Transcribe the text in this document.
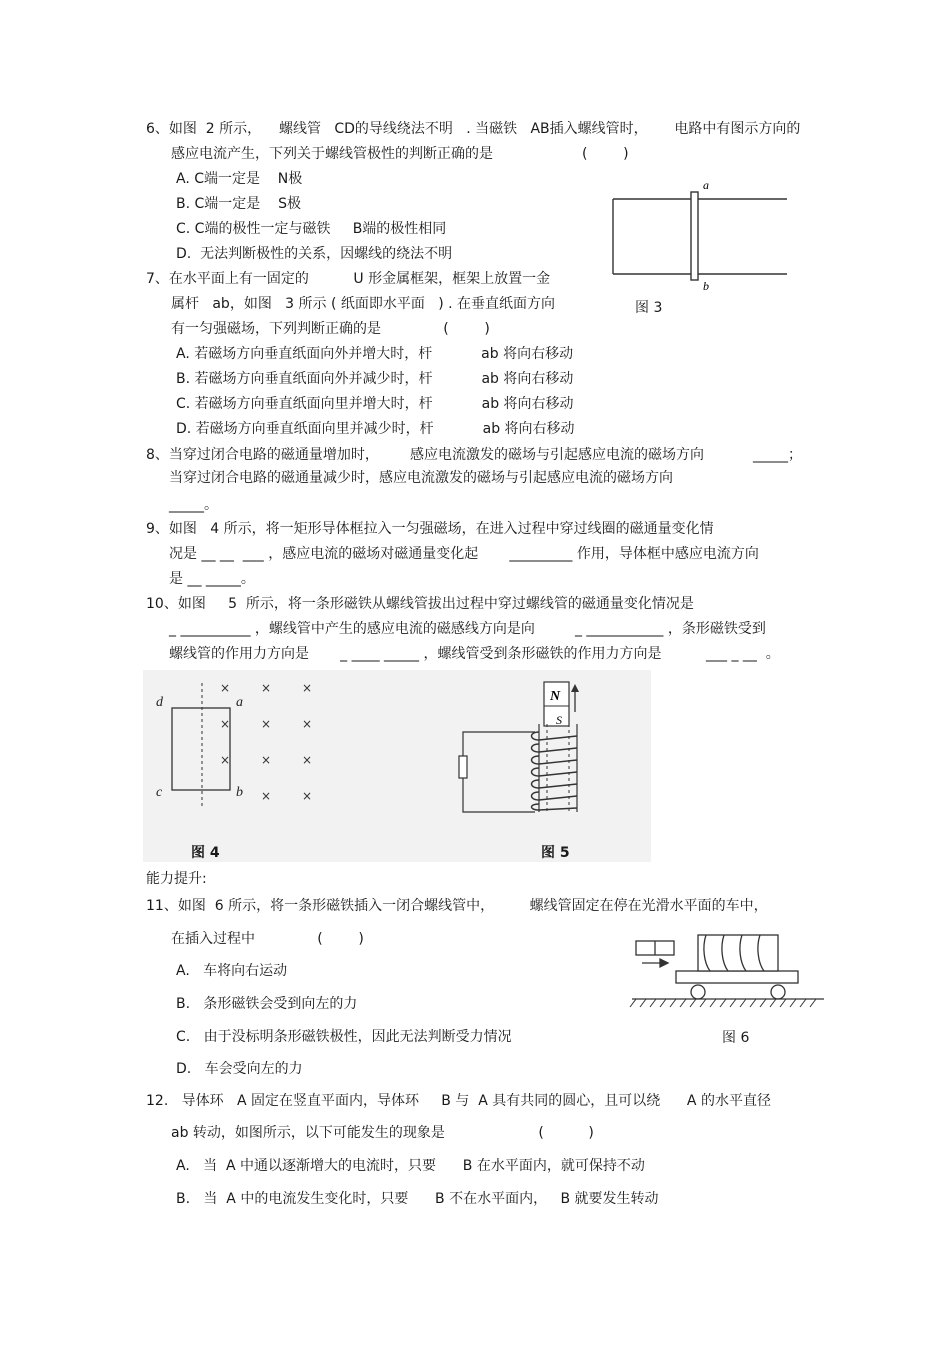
6、如图  2 所示，    螺线管   CD的导线绕法不明   . 当磁铁   AB插入螺线管时，      电路中有图示方向的
感应电流产生，下列关于螺线管极性的判断正确的是                    (        )
A. C端一定是    N极
B. C端一定是    S极
C. C端的极性一定与磁铁     B端的极性相同
D.  无法判断极性的关系，因螺线的绕法不明
7、在水平面上有一固定的          U 形金属框架，框架上放置一金
属杆   ab，如图   3 所示 ( 纸面即水平面   ) . 在垂直纸面方向
有一匀强磁场，下列判断正确的是              (        )
A. 若磁场方向垂直纸面向外并增大时，杆           ab 将向右移动
B. 若磁场方向垂直纸面向外并减少时，杆           ab 将向右移动
C. 若磁场方向垂直纸面向里并增大时，杆           ab 将向右移动
D. 若磁场方向垂直纸面向里并减少时，杆           ab 将向右移动
a
b
图 3
8、当穿过闭合电路的磁通量增加时，       感应电流激发的磁场与引起感应电流的磁场方向           _____；
当穿过闭合电路的磁通量减少时，感应电流激发的磁场与引起感应电流的磁场方向
_____。
9、如图   4 所示，将一矩形导体框拉入一匀强磁场，在进入过程中穿过线圈的磁通量变化情
况是 __ __  ___ ，感应电流的磁场对磁通量变化起       _________ 作用，导体框中感应电流方向
是 __ _____。
10、如图     5  所示，将一条形磁铁从螺线管拔出过程中穿过螺线管的磁通量变化情况是
_ __________ ，螺线管中产生的感应电流的磁感线方向是向         _ ___________ ，条形磁铁受到
螺线管的作用力方向是       _ ____ _____ ，螺线管受到条形磁铁的作用力方向是          ___ _ __  。
d	a
c	b
×	×	×
×	×	×
×	×	×
×	×
图 4
N
S
图 5
能力提升:
11、如图  6 所示，将一条形磁铁插入一闭合螺线管中，        螺线管固定在停在光滑水平面的车中，
在插入过程中              (        )
A.   车将向右运动
B.   条形磁铁会受到向左的力
C.   由于没标明条形磁铁极性，因此无法判断受力情况
D.   车会受向左的力
图 6
12.   导体环   A 固定在竖直平面内，导体环     B 与  A 具有共同的圆心，且可以绕      A 的水平直径
ab 转动，如图所示，以下可能发生的现象是                     (          )
A.   当  A 中通以逐渐增大的电流时，只要      B 在水平面内，就可保持不动
B.   当  A 中的电流发生变化时，只要      B 不在水平面内，   B 就要发生转动
